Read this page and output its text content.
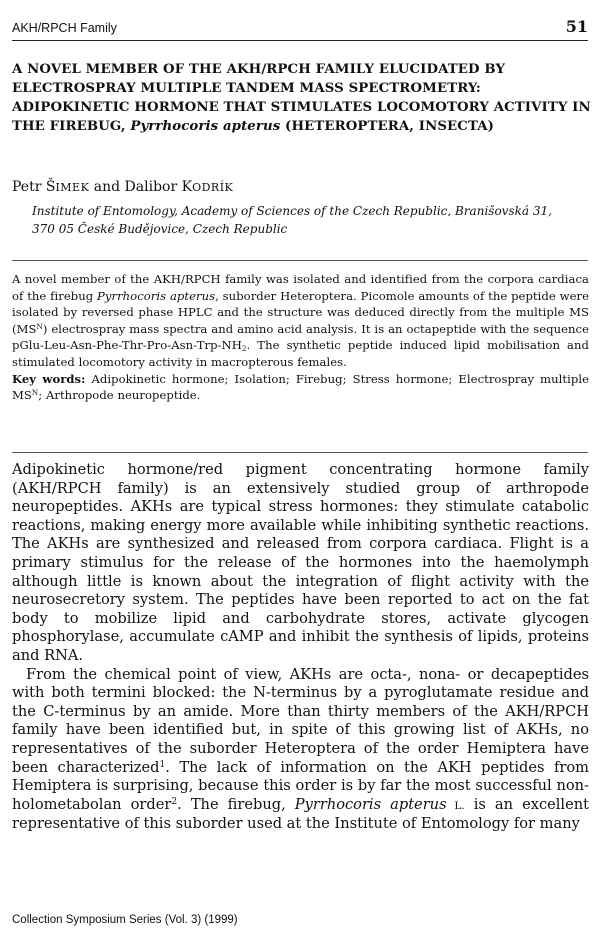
AKH/RPCH Family	51
A NOVEL MEMBER OF THE AKH/RPCH FAMILY ELUCIDATED BY ELECTROSPRAY MULTIPLE TANDEM MASS SPECTROMETRY: ADIPOKINETIC HORMONE THAT STIMULATES LOCOMOTORY ACTIVITY IN THE FIREBUG, Pyrrhocoris apterus (HETEROPTERA, INSECTA)
Petr ŠIMEK and Dalibor KODRÍK
Institute of Entomology, Academy of Sciences of the Czech Republic, Branišovská 31, 370 05 České Budějovice, Czech Republic
A novel member of the AKH/RPCH family was isolated and identified from the corpora cardiaca of the firebug Pyrrhocoris apterus, suborder Heteroptera. Picomole amounts of the peptide were isolated by reversed phase HPLC and the structure was deduced directly from the multiple MS $(MS^N)$ electrospray mass spectra and amino acid analysis. It is an octapeptide with the sequence pGlu-$Leu-Asn-Phe-Thr-Pro-Asn-Trp-NH_2$. The synthetic peptide induced lipid mobilisation and stimulated locomotory activity in macropterous females.
Key words: Adipokinetic hormone; Isolation; Firebug; Stress hormone; Electrospray multiple $MS^N$; Arthropode neuropeptide.

Adipokinetic hormone/red pigment concentrating hormone family (AKH/RPCH family) is an extensively studied group of arthropode neuropeptides. AKHs are typical stress hormones: they stimulate catabolic reactions, making energy more available while inhibiting synthetic reactions. The AKHs are synthesized and released from corpora cardiaca. Flight is a primary stimulus for the release of the hormones into the haemolymph although little is known about the integration of flight activity with the neurosecretory system. The peptides have been reported to act on the fat body to mobilize lipid and carbohydrate stores, activate glycogen phosphorylase, accumulate cAMP and inhibit the synthesis of lipids, proteins and RNA.

From the chemical point of view, AKHs are octa-, nona- or decapeptides with both termini blocked: the N-terminus by a pyroglutamate residue and the C-terminus by an amide. More than thirty members of the AKH/RPCH family have been identified but, in spite of this growing list of AKHs, no representatives of the suborder Heteroptera of the order Hemiptera have been characterized$^1$. The lack of information on the AKH peptides from Hemiptera is surprising, because this order is by far the most successful non-holometabolan order$^2$. The firebug, Pyrrhocoris apterus L. is an excellent representative of this suborder used at the Institute of Entomology for many

Collection Symposium Series (Vol. 3) (1999)
